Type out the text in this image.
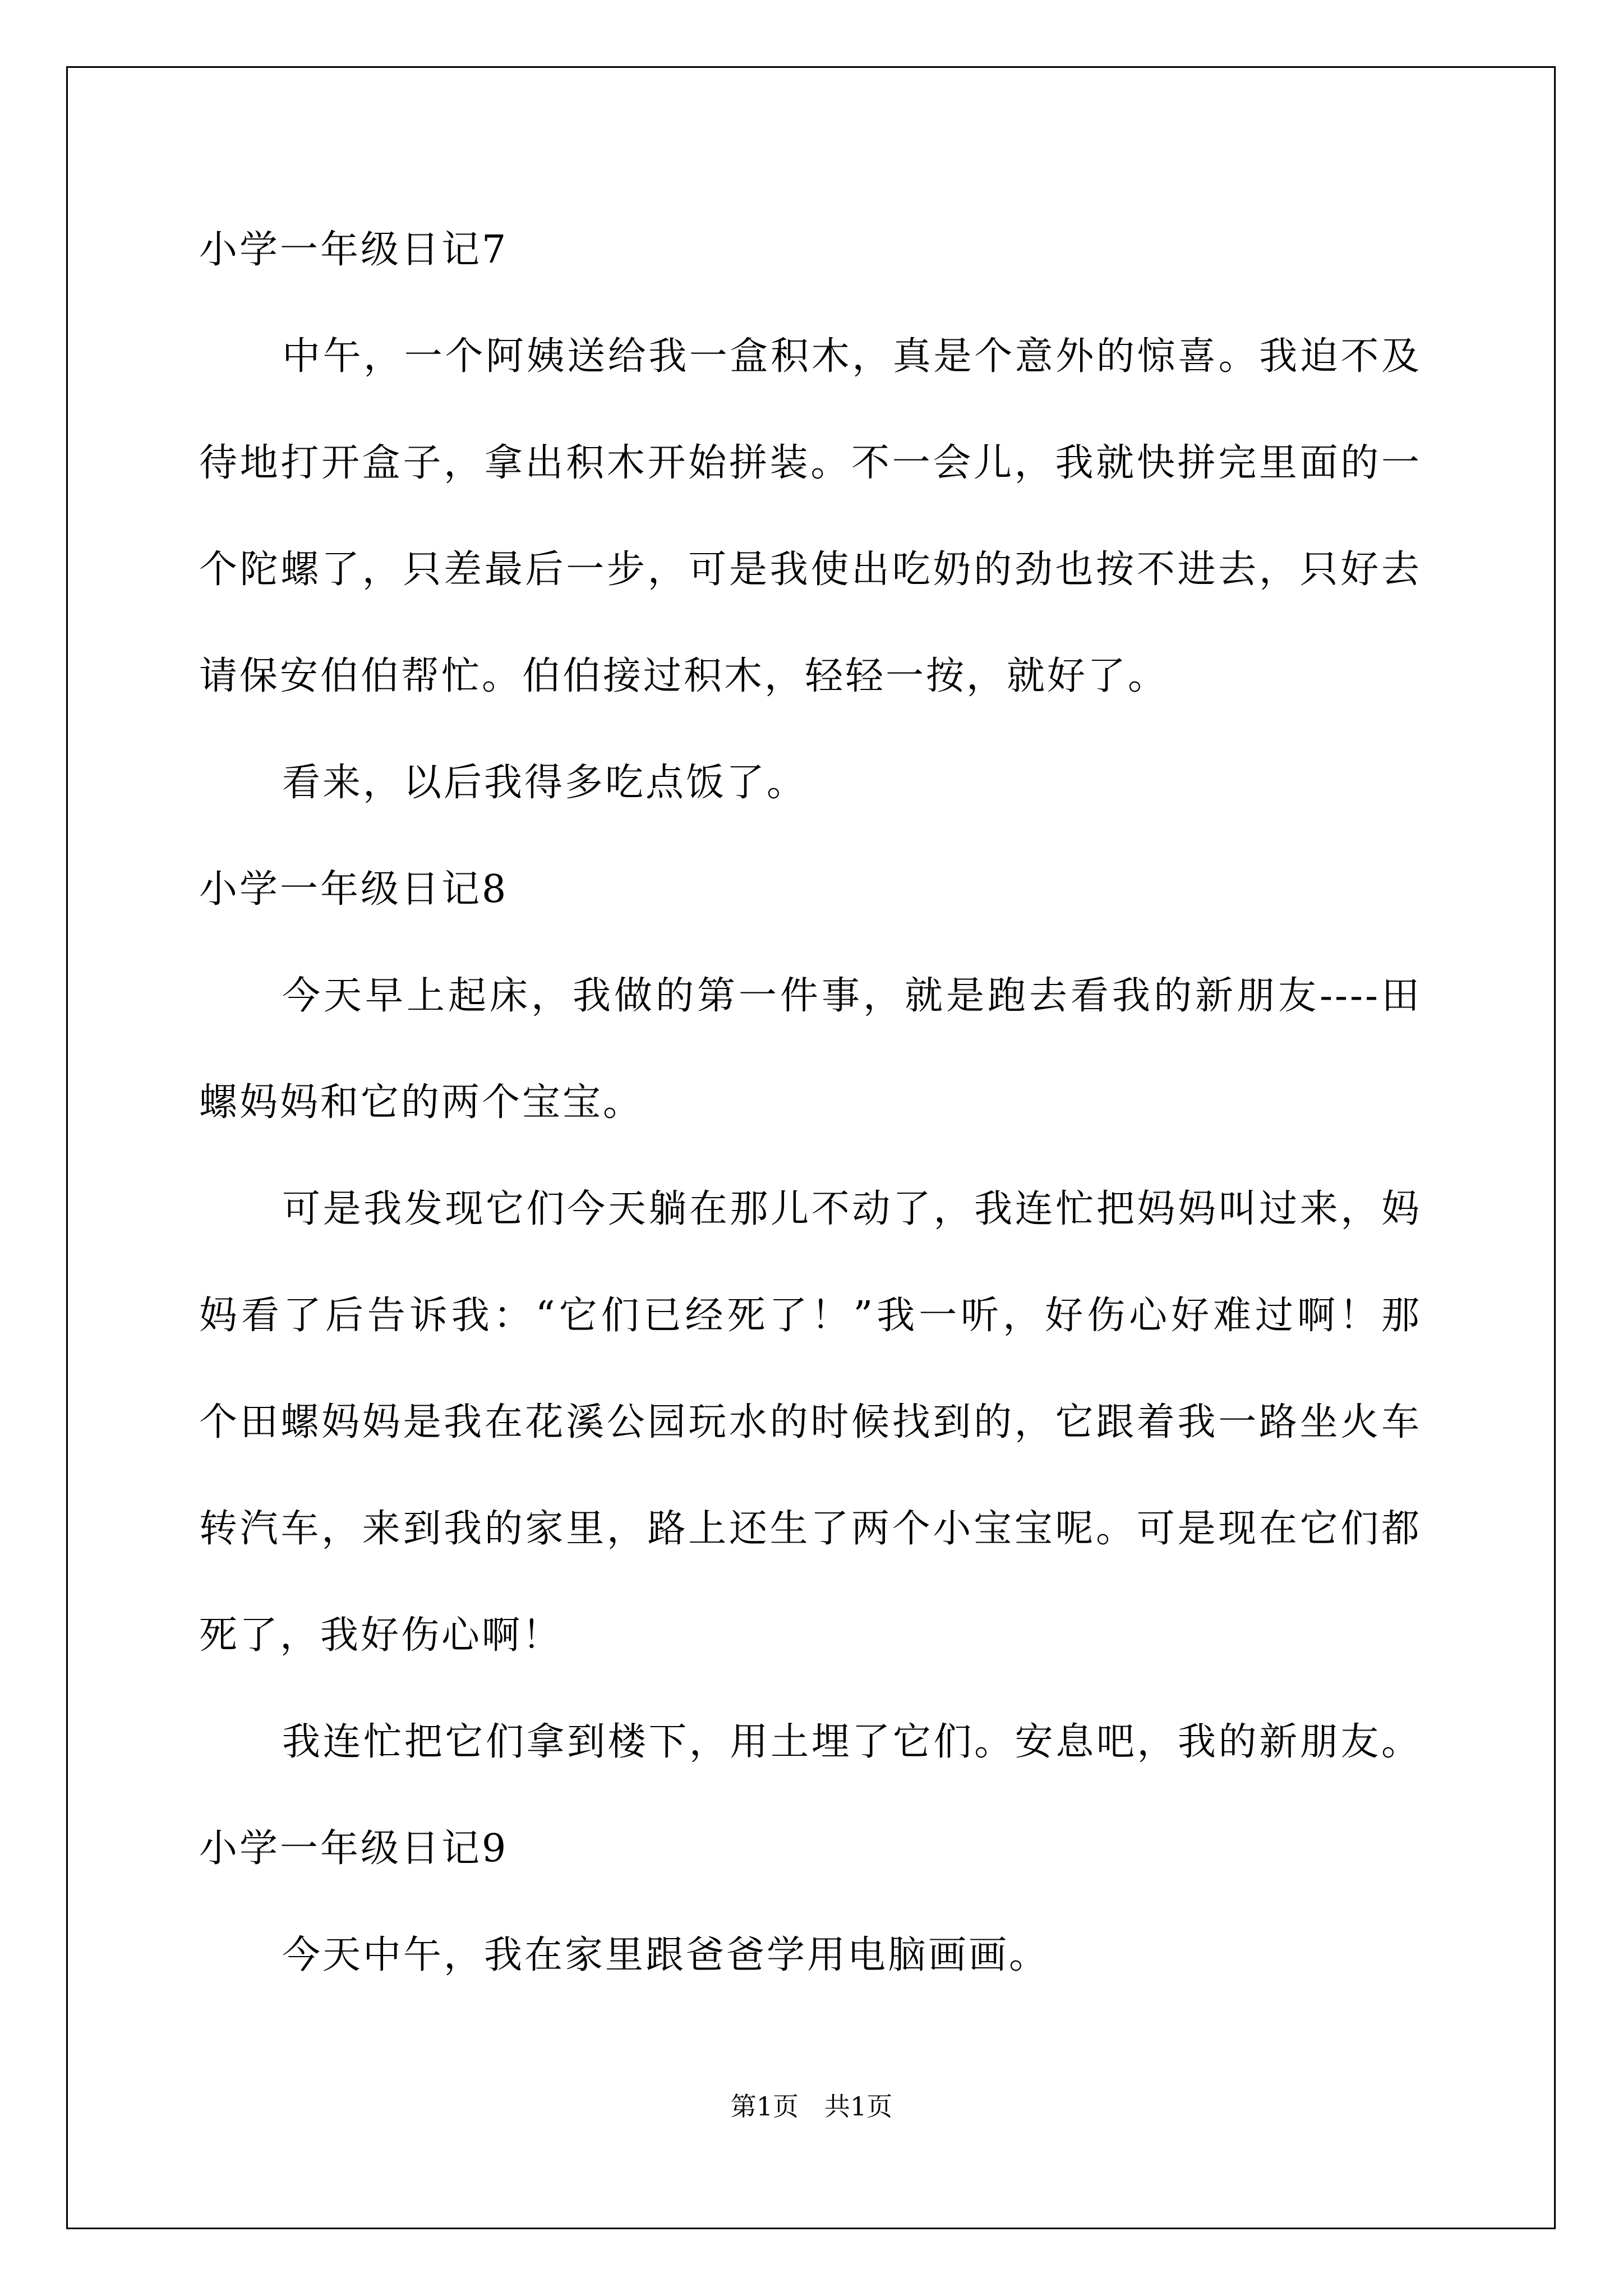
小学一年级日记7
中午，一个阿姨送给我一盒积木，真是个意外的惊喜。我迫不及
待地打开盒子，拿出积木开始拼装。不一会儿，我就快拼完里面的一
个陀螺了，只差最后一步，可是我使出吃奶的劲也按不进去，只好去
请保安伯伯帮忙。伯伯接过积木，轻轻一按，就好了。
看来，以后我得多吃点饭了。
小学一年级日记8
今天早上起床，我做的第一件事，就是跑去看我的新朋友----田
螺妈妈和它的两个宝宝。
可是我发现它们今天躺在那儿不动了，我连忙把妈妈叫过来，妈
妈看了后告诉我：“它们已经死了！”我一听，好伤心好难过啊！那
个田螺妈妈是我在花溪公园玩水的时候找到的，它跟着我一路坐火车
转汽车，来到我的家里，路上还生了两个小宝宝呢。可是现在它们都
死了，我好伤心啊！
我连忙把它们拿到楼下，用土埋了它们。安息吧，我的新朋友。
小学一年级日记9
今天中午，我在家里跟爸爸学用电脑画画。
第1页　共1页
